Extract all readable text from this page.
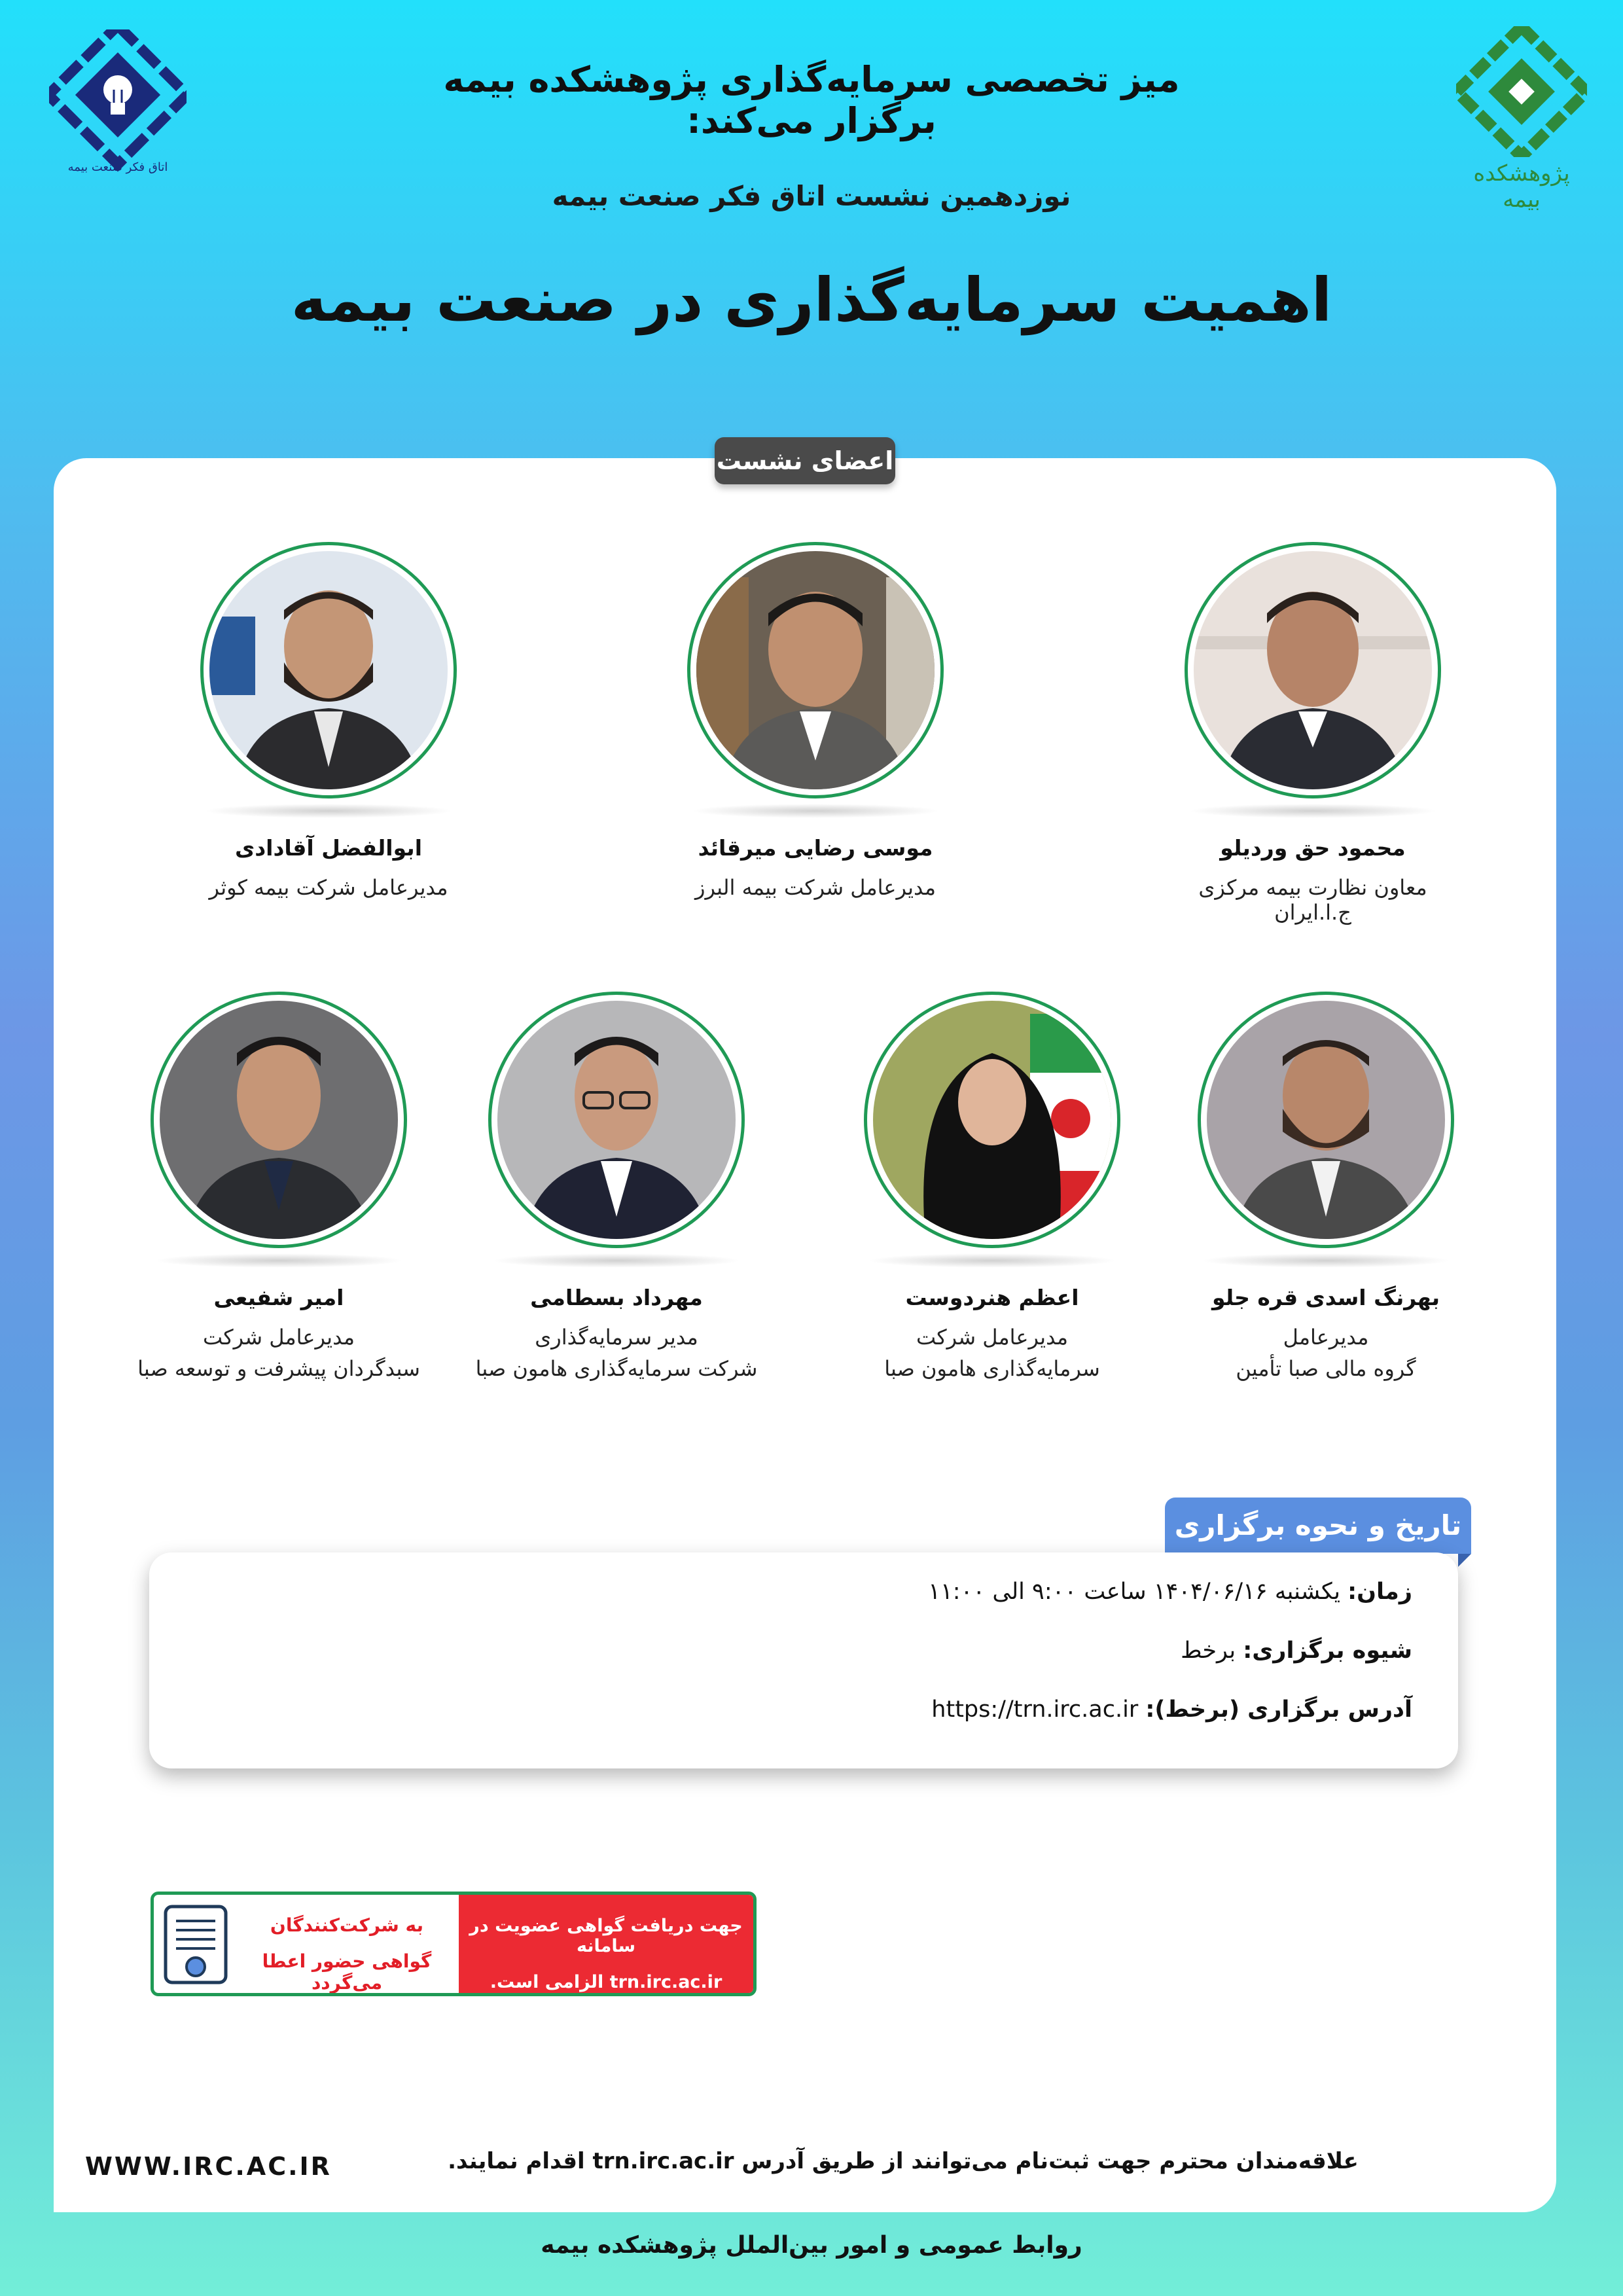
اتاق فکر صنعت بیمه	پژوهشکده بیمه
میز تخصصی سرمایه‌گذاری پژوهشکده بیمه برگزار می‌کند:
نوزدهمین نشست اتاق فکر صنعت بیمه
اهمیت سرمایه‌گذاری در صنعت بیمه
اعضای نشست
محمود حق وردیلو
معاون نظارت بیمه مرکزی ج.ا.ایران
موسی رضایی میرقائد
مدیرعامل شرکت بیمه البرز
ابوالفضل آقادادی
مدیرعامل شرکت بیمه کوثر
بهرنگ اسدی قره جلو
مدیرعامل
گروه مالی صبا تأمین
اعظم هنردوست
مدیرعامل شرکت
سرمایه‌گذاری هامون صبا
مهرداد بسطامی
مدیر سرمایه‌گذاری
شرکت سرمایه‌گذاری هامون صبا
امیر شفیعی
مدیرعامل شرکت
سبدگردان پیشرفت و توسعه صبا
تاریخ و نحوه برگزاری
زمان: یکشنبه ۱۴۰۴/۰۶/۱۶ ساعت ۹:۰۰ الی ۱۱:۰۰
شیوه برگزاری: برخط
آدرس برگزاری (برخط): https://trn.irc.ac.ir
به شرکت‌کنندگان
گواهی حضور اعطا می‌گردد
جهت دریافت گواهی عضویت در سامانه
trn.irc.ac.ir الزامی است.
علاقه‌مندان محترم جهت ثبت‌نام می‌توانند از طریق آدرس trn.irc.ac.ir اقدام نمایند.
WWW.IRC.AC.IR
روابط عمومی و امور بین‌الملل پژوهشکده بیمه
